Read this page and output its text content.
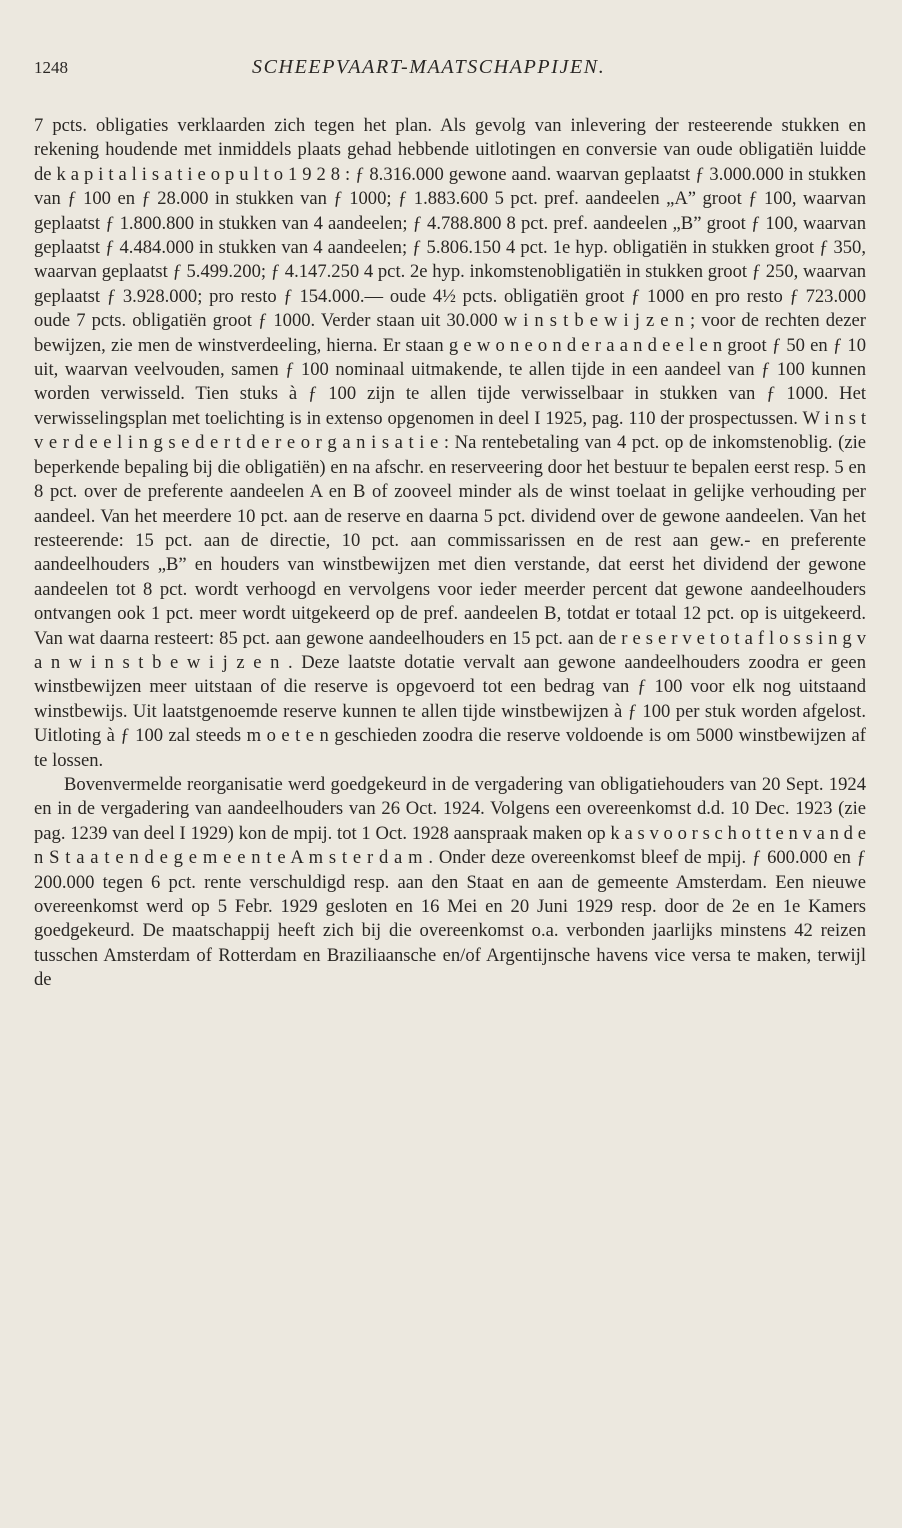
1248	SCHEEPVAART-MAATSCHAPPIJEN.

7 pcts. obligaties verklaarden zich tegen het plan. Als gevolg van inlevering der resteerende stukken en rekening houdende met inmiddels plaats gehad hebbende uitlotingen en conversie van oude obligatiën luidde de k a p i t a l i s a t i e o p u l t o 1 9 2 8 : ƒ 8.316.000 gewone aand. waarvan geplaatst ƒ 3.000.000 in stukken van ƒ 100 en ƒ 28.000 in stukken van ƒ 1000; ƒ 1.883.600 5 pct. pref. aandeelen „A” groot ƒ 100, waarvan geplaatst ƒ 1.800.800 in stukken van 4 aandeelen; ƒ 4.788.800 8 pct. pref. aandeelen „B” groot ƒ 100, waarvan geplaatst ƒ 4.484.000 in stukken van 4 aandeelen; ƒ 5.806.150 4 pct. 1e hyp. obligatiën in stukken groot ƒ 350, waarvan geplaatst ƒ 5.499.200; ƒ 4.147.250 4 pct. 2e hyp. inkomstenobligatiën in stukken groot ƒ 250, waarvan geplaatst ƒ 3.928.000; pro resto ƒ 154.000.— oude 4½ pcts. obligatiën groot ƒ 1000 en pro resto ƒ 723.000 oude 7 pcts. obligatiën groot ƒ 1000. Verder staan uit 30.000 w i n s t b e w i j z e n ; voor de rechten dezer bewijzen, zie men de winstverdeeling, hierna. Er staan g e w o n e o n d e r a a n d e e l e n groot ƒ 50 en ƒ 10 uit, waarvan veelvouden, samen ƒ 100 nominaal uitmakende, te allen tijde in een aandeel van ƒ 100 kunnen worden verwisseld. Tien stuks à ƒ 100 zijn te allen tijde verwisselbaar in stukken van ƒ 1000. Het verwisselingsplan met toelichting is in extenso opgenomen in deel I 1925, pag. 110 der prospectussen. W i n s t v e r d e e l i n g s e d e r t d e r e o r g a n i s a t i e : Na rentebetaling van 4 pct. op de inkomstenoblig. (zie beperkende bepaling bij die obligatiën) en na afschr. en reserveering door het bestuur te bepalen eerst resp. 5 en 8 pct. over de preferente aandeelen A en B of zooveel minder als de winst toelaat in gelijke verhouding per aandeel. Van het meerdere 10 pct. aan de reserve en daarna 5 pct. dividend over de gewone aandeelen. Van het resteerende: 15 pct. aan de directie, 10 pct. aan commissarissen en de rest aan gew.- en preferente aandeelhouders „B” en houders van winstbewijzen met dien verstande, dat eerst het dividend der gewone aandeelen tot 8 pct. wordt verhoogd en vervolgens voor ieder meerder percent dat gewone aandeelhouders ontvangen ook 1 pct. meer wordt uitgekeerd op de pref. aandeelen B, totdat er totaal 12 pct. op is uitgekeerd. Van wat daarna resteert: 85 pct. aan gewone aandeelhouders en 15 pct. aan de r e s e r v e t o t a f l o s s i n g v a n w i n s t b e w i j z e n . Deze laatste dotatie vervalt aan gewone aandeelhouders zoodra er geen winstbewijzen meer uitstaan of die reserve is opgevoerd tot een bedrag van ƒ 100 voor elk nog uitstaand winstbewijs. Uit laatstgenoemde reserve kunnen te allen tijde winstbewijzen à ƒ 100 per stuk worden afgelost. Uitloting à ƒ 100 zal steeds m o e t e n geschieden zoodra die reserve voldoende is om 5000 winstbewijzen af te lossen.

Bovenvermelde reorganisatie werd goedgekeurd in de vergadering van obligatiehouders van 20 Sept. 1924 en in de vergadering van aandeelhouders van 26 Oct. 1924. Volgens een overeenkomst d.d. 10 Dec. 1923 (zie pag. 1239 van deel I 1929) kon de mpij. tot 1 Oct. 1928 aanspraak maken op k a s v o o r s c h o t t e n v a n d e n S t a a t e n d e g e m e e n t e A m s t e r d a m . Onder deze overeenkomst bleef de mpij. ƒ 600.000 en ƒ 200.000 tegen 6 pct. rente verschuldigd resp. aan den Staat en aan de gemeente Amsterdam. Een nieuwe overeenkomst werd op 5 Febr. 1929 gesloten en 16 Mei en 20 Juni 1929 resp. door de 2e en 1e Kamers goedgekeurd. De maatschappij heeft zich bij die overeenkomst o.a. verbonden jaarlijks minstens 42 reizen tusschen Amsterdam of Rotterdam en Braziliaansche en/of Argentijnsche havens vice versa te maken, terwijl de
